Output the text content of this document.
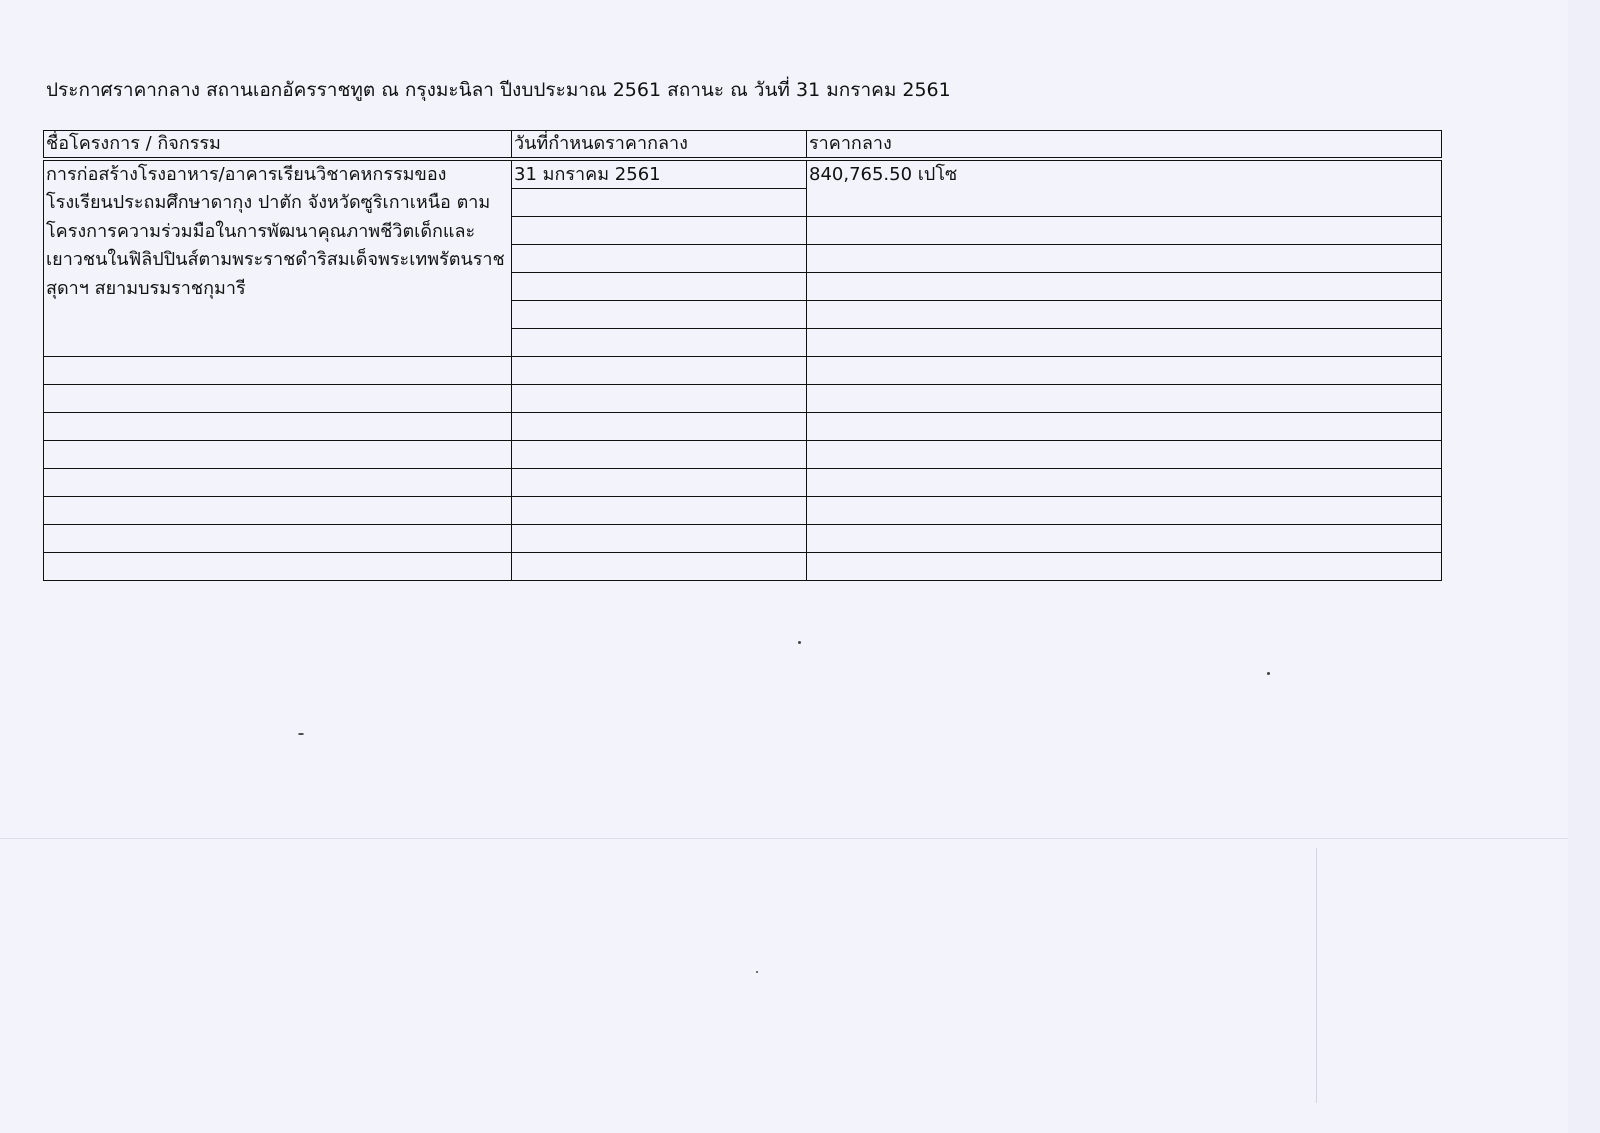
ประกาศราคากลาง สถานเอกอัครราชทูต ณ กรุงมะนิลา ปีงบประมาณ 2561 สถานะ ณ วันที่ 31 มกราคม 2561
ชื่อโครงการ / กิจกรรม	วันที่กำหนดราคากลาง	ราคากลาง
การก่อสร้างโรงอาหาร/อาคารเรียนวิชาคหกรรมของโรงเรียนประถมศึกษาดากุง ปาตัก จังหวัดซูริเกาเหนือ ตามโครงการความร่วมมือในการพัฒนาคุณภาพชีวิตเด็กและเยาวชนในฟิลิปปินส์ตามพระราชดำริสมเด็จพระเทพรัตนราชสุดาฯ สยามบรมราชกุมารี	31 มกราคม 2561	840,765.50 เปโซ
